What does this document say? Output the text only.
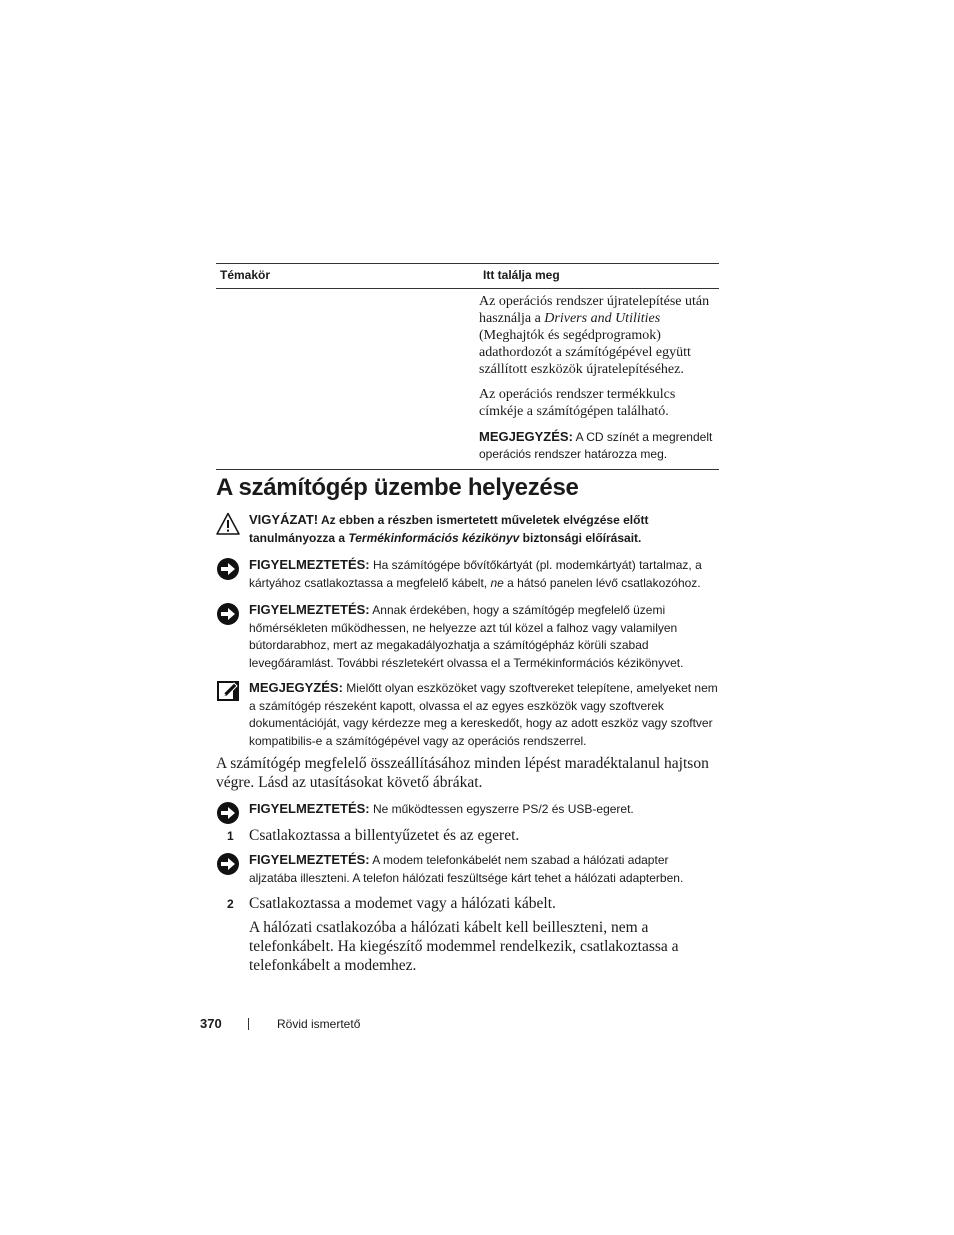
Témakör	Itt találja meg

	Az operációs rendszer újratelepítése után használja a Drivers and Utilities (Meghajtók és segédprogramok) adathordozót a számítógépével együtt szállított eszközök újratelepítéséhez.

Az operációs rendszer termékkulcs címkéje a számítógépen található.

MEGJEGYZÉS: A CD színét a megrendelt operációs rendszer határozza meg.

A számítógép üzembe helyezése
VIGYÁZAT! Az ebben a részben ismertetett műveletek elvégzése előtt tanulmányozza a Termékinformációs kézikönyv biztonsági előírásait.
FIGYELMEZTETÉS: Ha számítógépe bővítőkártyát (pl. modemkártyát) tartalmaz, a kártyához csatlakoztassa a megfelelő kábelt, ne a hátsó panelen lévő csatlakozóhoz.
FIGYELMEZTETÉS: Annak érdekében, hogy a számítógép megfelelő üzemi hőmérsékleten működhessen, ne helyezze azt túl közel a falhoz vagy valamilyen bútordarabhoz, mert az megakadályozhatja a számítógépház körüli szabad levegőáramlást. További részletekért olvassa el a Termékinformációs kézikönyvet.
MEGJEGYZÉS: Mielőtt olyan eszközöket vagy szoftvereket telepítene, amelyeket nem a számítógép részeként kapott, olvassa el az egyes eszközök vagy szoftverek dokumentációját, vagy kérdezze meg a kereskedőt, hogy az adott eszköz vagy szoftver kompatibilis-e a számítógépével vagy az operációs rendszerrel.

A számítógép megfelelő összeállításához minden lépést maradéktalanul hajtson végre. Lásd az utasításokat követő ábrákat.

FIGYELMEZTETÉS: Ne működtessen egyszerre PS/2 és USB-egeret.
1 Csatlakoztassa a billentyűzetet és az egeret.
FIGYELMEZTETÉS: A modem telefonkábelét nem szabad a hálózati adapter aljzatába illeszteni. A telefon hálózati feszültsége kárt tehet a hálózati adapterben.
2 Csatlakoztassa a modemet vagy a hálózati kábelt.

A hálózati csatlakozóba a hálózati kábelt kell beilleszteni, nem a telefonkábelt. Ha kiegészítő modemmel rendelkezik, csatlakoztassa a telefonkábelt a modemhez.

370	Rövid ismertető
